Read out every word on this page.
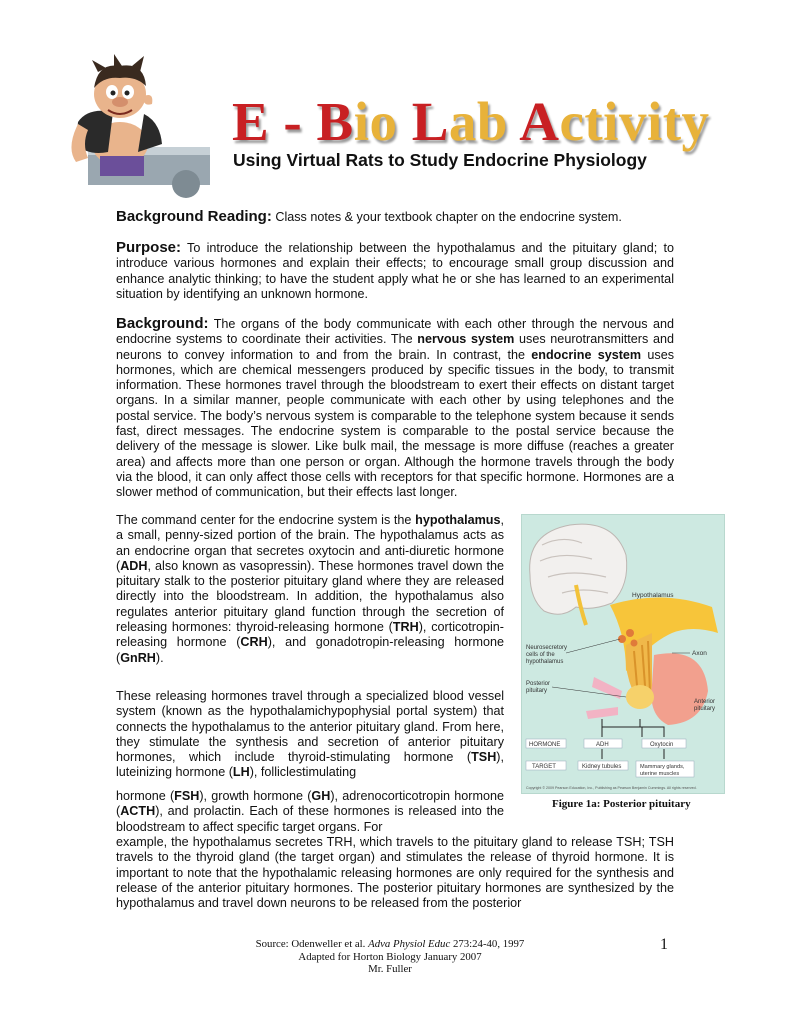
E - Bio Lab Activity
Using Virtual Rats to Study Endocrine Physiology
Background Reading: Class notes & your textbook chapter on the endocrine system.
Purpose: To introduce the relationship between the hypothalamus and the pituitary gland; to introduce various hormones and explain their effects; to encourage small group discussion and enhance analytic thinking; to have the student apply what he or she has learned to an experimental situation by identifying an unknown hormone.
Background: The organs of the body communicate with each other through the nervous and endocrine systems to coordinate their activities. The nervous system uses neurotransmitters and neurons to convey information to and from the brain. In contrast, the endocrine system uses hormones, which are chemical messengers produced by specific tissues in the body, to transmit information. These hormones travel through the bloodstream to exert their effects on distant target organs. In a similar manner, people communicate with each other by using telephones and the postal service. The body’s nervous system is comparable to the telephone system because it sends fast, direct messages. The endocrine system is comparable to the postal service because the delivery of the message is slower. Like bulk mail, the message is more diffuse (reaches a greater area) and affects more than one person or organ. Although the hormone travels through the body via the blood, it can only affect those cells with receptors for that specific hormone. Hormones are a slower method of communication, but their effects last longer.
The command center for the endocrine system is the hypothalamus, a small, penny-sized portion of the brain. The hypothalamus acts as an endocrine organ that secretes oxytocin and anti-diuretic hormone (ADH, also known as vasopressin). These hormones travel down the pituitary stalk to the posterior pituitary gland where they are released directly into the bloodstream. In addition, the hypothalamus also regulates anterior pituitary gland function through the secretion of releasing hormones: thyroid-releasing hormone (TRH), corticotropin-releasing hormone (CRH), and gonadotropin-releasing hormone (GnRH).
These releasing hormones travel through a specialized blood vessel system (known as the hypothalamichypophysial portal system) that connects the hypothalamus to the anterior pituitary gland. From here, they stimulate the synthesis and secretion of anterior pituitary hormones, which include thyroid-stimulating hormone (TSH), luteinizing hormone (LH), folliclestimulating
hormone (FSH), growth hormone (GH), adrenocorticotropin hormone (ACTH), and prolactin. Each of these hormones is released into the bloodstream to affect specific target organs. For
example, the hypothalamus secretes TRH, which travels to the pituitary gland to release TSH; TSH travels to the thyroid gland (the target organ) and stimulates the release of thyroid hormone. It is important to note that the hypothalamic releasing hormones are only required for the synthesis and release of the anterior pituitary hormones. The posterior pituitary hormones are synthesized by the hypothalamus and travel down neurons to be released from the posterior
Hypothalamus
Axon
Neurosecretory
cells of the
hypothalamus
Posterior
pituitary
Anterior
pituitary
HORMONE	ADH	Oxytocin
TARGET	Kidney tubules	Mammary glands,
uterine muscles
Copyright © 2009 Pearson Education, Inc., Publishing as Pearson Benjamin Cummings. All rights reserved.
Figure 1a: Posterior pituitary
Source: Odenweller et al. Adva Physiol Educ 273:24-40, 1997
Adapted for Horton Biology January 2007
Mr. Fuller
1
